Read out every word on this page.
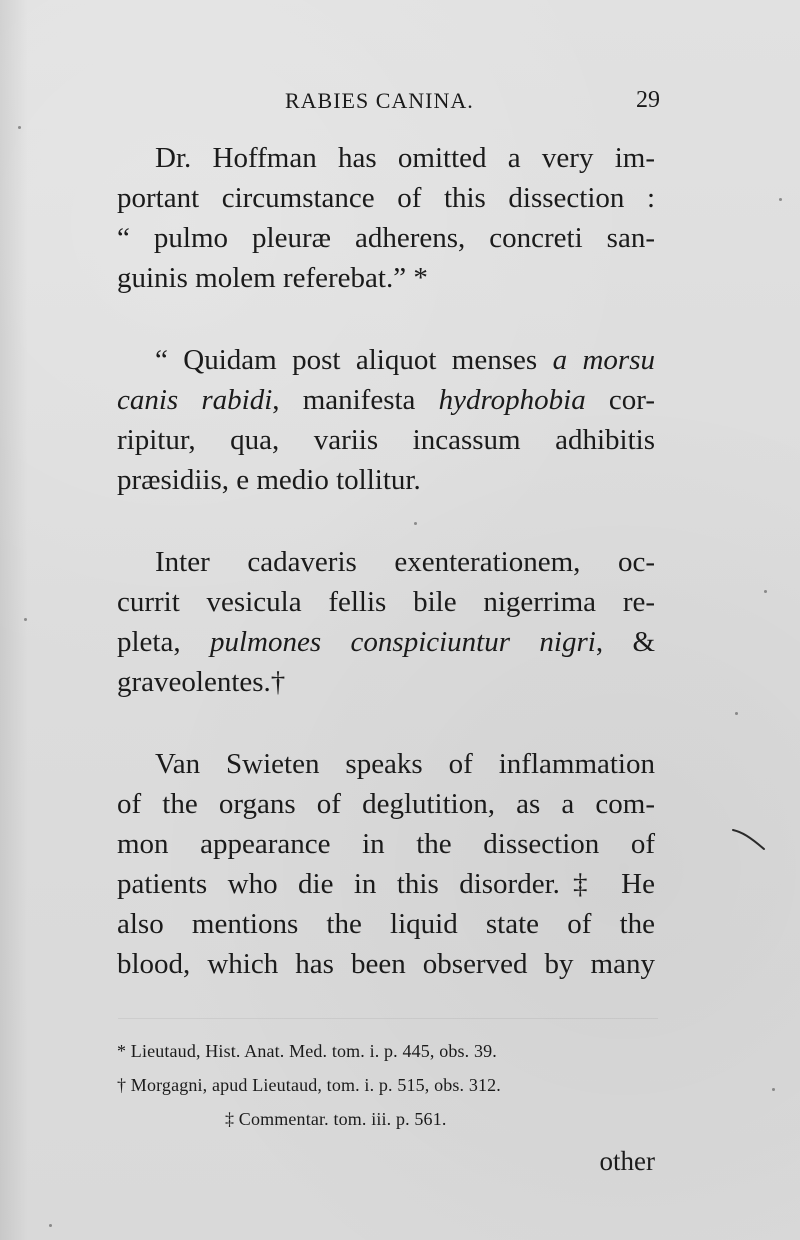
RABIES CANINA.	29
Dr. Hoffman has omitted a very im-
portant circumstance of this dissection :
“ pulmo pleuræ adherens, concreti san-
guinis molem referebat.” *
“ Quidam post aliquot menses a morsu
canis rabidi, manifesta hydrophobia cor-
ripitur, qua, variis incassum adhibitis
præsidiis, e medio tollitur.
Inter cadaveris exenterationem, oc-
currit vesicula fellis bile nigerrima re-
pleta, pulmones conspiciuntur nigri, &
graveolentes.†
Van Swieten speaks of inflammation
of the organs of deglutition, as a com-
mon appearance in the dissection of
patients who die in this disorder.‡ He
also mentions the liquid state of the
blood, which has been observed by many
* Lieutaud, Hist. Anat. Med. tom. i. p. 445, obs. 39.
† Morgagni, apud Lieutaud, tom. i. p. 515, obs. 312.
‡ Commentar. tom. iii. p. 561.
other
